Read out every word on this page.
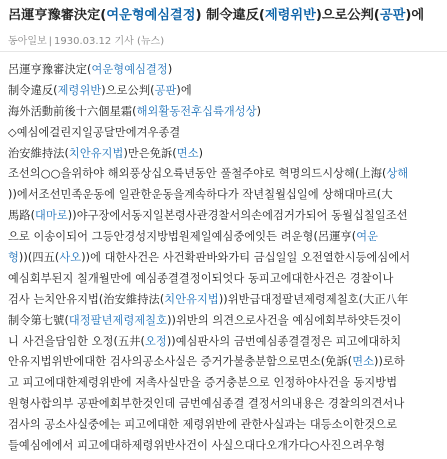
呂運亨豫審決定(여운형예심결정) 制令違反(제령위반)으로公判(공판)에
동아일보 | 1930.03.12 기사 (뉴스)
呂運亨豫審決定(여운형예심결정)
制令違反(제령위반)으로公判(공판)에
海外活動前後十六個星霜(해외활동전후십륙개성상)
◇예심에걸린지일공달만에겨우종결
治安維持法(치안유지법)만은免訴(면소)
조선의○○을위하야 해외풍상십오륙년동안 풀철주야로 혁명의드시상해(上海(상해
))에서조선민족운동에 일관한운동을계속하다가 작년칠월십일에 상해대마르(大
馬路(대마로))야구장에서동지일본령사관경찰서의손에검거가되어 동월십칠일조선
으로 이송이되어 그등안경성지방법원제일예심중에잇든 려운형(呂運亨(여운
형))(四五(사오))에 대한사건은 사건확판바와가티 금십일일 오전열한시등에심에서
예심회부된지 칠개월만에 예심종결결정이되엇다 동피고에대한사건은 경찰이나
검사 는치안유지법(治安維持法(치안유지법))위반급대정팔년제령제칠호(大正八年
制令第七號(대정팔년제령제칠호))위반의 의견으로사건을 예심에회부하얏든것이
니 사건을담임한 오정(五井(오정))예심판사의 금번예심종결결정은 피고에대하치
안유지법위반에대한 검사의공소사실은 증거가불충분함으로면소(免訴(면소))로하
고 피고에대한제령위반에 저촉사실만을 증거충분으로 인정하야사건을 동지방법
원형사합의부 공판에회부한것인데 금번예심종결 결정서의내용은 경찰의의견서나
검사의 공소사실중에는 피고에대한 제령위반에 관한사실과는 대등소이한것으로
들예심에에서 피고에대하제령위반사건이 사실으대다오개가다○사진으려우형
